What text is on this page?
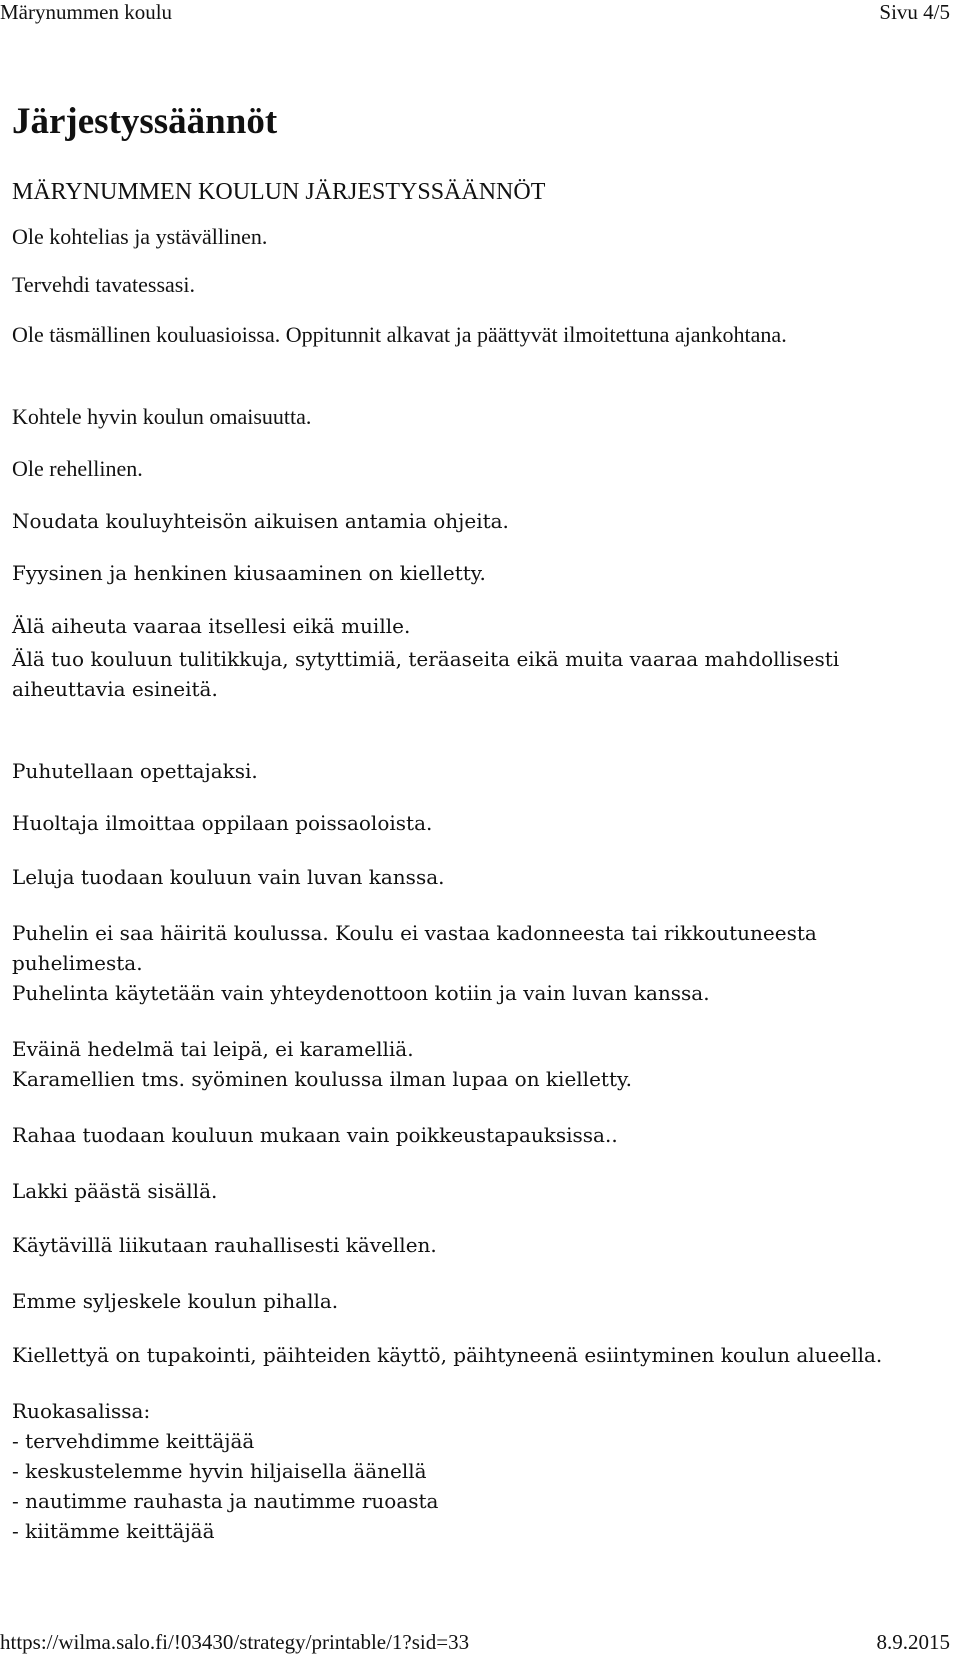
Märynummen koulu	Sivu 4/5
Järjestyssäännöt

MÄRYNUMMEN KOULUN JÄRJESTYSSÄÄNNÖT

Ole kohtelias ja ystävällinen.

Tervehdi tavatessasi.

Ole täsmällinen kouluasioissa. Oppitunnit alkavat ja päättyvät ilmoitettuna ajankohtana.

Kohtele hyvin koulun omaisuutta.

Ole rehellinen.

Noudata kouluyhteisön aikuisen antamia ohjeita.

Fyysinen ja henkinen kiusaaminen on kielletty.

Älä aiheuta vaaraa itsellesi eikä muille.

Älä tuo kouluun tulitikkuja, sytyttimiä, teräaseita eikä muita vaaraa mahdollisesti aiheuttavia esineitä.

Puhutellaan opettajaksi.

Huoltaja ilmoittaa oppilaan poissaoloista.

Leluja tuodaan kouluun vain luvan kanssa.

Puhelin ei saa häiritä koulussa. Koulu ei vastaa kadonneesta tai rikkoutuneesta puhelimesta.

Puhelinta käytetään vain yhteydenottoon kotiin ja vain luvan kanssa.

Eväinä hedelmä tai leipä, ei karamelliä.

Karamellien tms. syöminen koulussa ilman lupaa on kielletty.

Rahaa tuodaan kouluun mukaan vain poikkeustapauksissa..

Lakki päästä sisällä.

Käytävillä liikutaan rauhallisesti kävellen.

Emme syljeskele koulun pihalla.

Kiellettyä on tupakointi, päihteiden käyttö, päihtyneenä esiintyminen koulun alueella.

Ruokasalissa:

- tervehdimme keittäjää

- keskustelemme hyvin hiljaisella äänellä

- nautimme rauhasta ja nautimme ruoasta

- kiitämme keittäjää

https://wilma.salo.fi/!03430/strategy/printable/1?sid=33	8.9.2015
